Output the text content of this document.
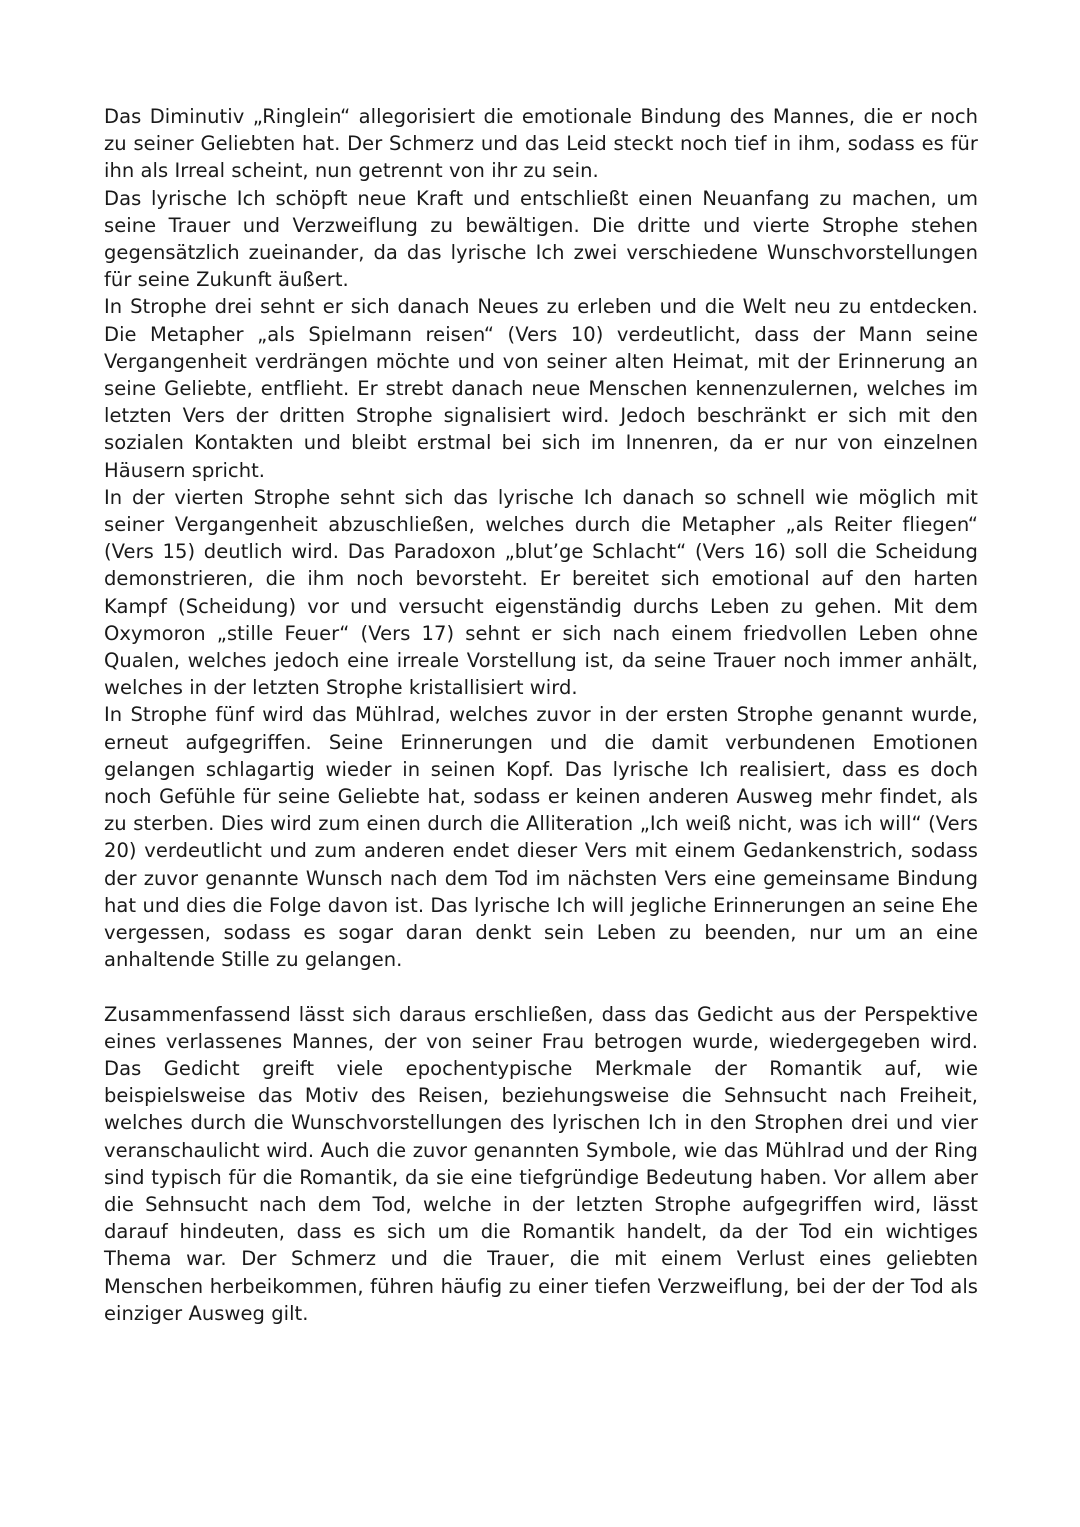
Das Diminutiv „Ringlein“ allegorisiert die emotionale Bindung des Mannes, die er noch zu seiner Geliebten hat. Der Schmerz und das Leid steckt noch tief in ihm, sodass es für ihn als Irreal scheint, nun getrennt von ihr zu sein.

Das lyrische Ich schöpft neue Kraft und entschließt einen Neuanfang zu machen, um seine Trauer und Verzweiflung zu bewältigen. Die dritte und vierte Strophe stehen gegensätzlich zueinander, da das lyrische Ich zwei verschiedene Wunschvorstellungen für seine Zukunft äußert.

In Strophe drei sehnt er sich danach Neues zu erleben und die Welt neu zu entdecken. Die Metapher „als Spielmann reisen“ (Vers 10) verdeutlicht, dass der Mann seine Vergangenheit verdrängen möchte und von seiner alten Heimat, mit der Erinnerung an seine Geliebte, entflieht. Er strebt danach neue Menschen kennenzulernen, welches im letzten Vers der dritten Strophe signalisiert wird. Jedoch beschränkt er sich mit den sozialen Kontakten und bleibt erstmal bei sich im Innenren, da er nur von einzelnen Häusern spricht.

In der vierten Strophe sehnt sich das lyrische Ich danach so schnell wie möglich mit seiner Vergangenheit abzuschließen, welches durch die Metapher „als Reiter fliegen“ (Vers 15) deutlich wird. Das Paradoxon „blut’ge Schlacht“ (Vers 16) soll die Scheidung demonstrieren, die ihm noch bevorsteht. Er bereitet sich emotional auf den harten Kampf (Scheidung) vor und versucht eigenständig durchs Leben zu gehen. Mit dem Oxymoron „stille Feuer“ (Vers 17) sehnt er sich nach einem friedvollen Leben ohne Qualen, welches jedoch eine irreale Vorstellung ist, da seine Trauer noch immer anhält, welches in der letzten Strophe kristallisiert wird.

In Strophe fünf wird das Mühlrad, welches zuvor in der ersten Strophe genannt wurde, erneut aufgegriffen. Seine Erinnerungen und die damit verbundenen Emotionen gelangen schlagartig wieder in seinen Kopf. Das lyrische Ich realisiert, dass es doch noch Gefühle für seine Geliebte hat, sodass er keinen anderen Ausweg mehr findet, als zu sterben. Dies wird zum einen durch die Alliteration „Ich weiß nicht, was ich will“ (Vers 20) verdeutlicht und zum anderen endet dieser Vers mit einem Gedankenstrich, sodass der zuvor genannte Wunsch nach dem Tod im nächsten Vers eine gemeinsame Bindung hat und dies die Folge davon ist. Das lyrische Ich will jegliche Erinnerungen an seine Ehe vergessen, sodass es sogar daran denkt sein Leben zu beenden, nur um an eine anhaltende Stille zu gelangen.

Zusammenfassend lässt sich daraus erschließen, dass das Gedicht aus der Perspektive eines verlassenes Mannes, der von seiner Frau betrogen wurde, wiedergegeben wird. Das Gedicht greift viele epochentypische Merkmale der Romantik auf, wie beispielsweise das Motiv des Reisen, beziehungsweise die Sehnsucht nach Freiheit, welches durch die Wunschvorstellungen des lyrischen Ich in den Strophen drei und vier veranschaulicht wird. Auch die zuvor genannten Symbole, wie das Mühlrad und der Ring sind typisch für die Romantik, da sie eine tiefgründige Bedeutung haben. Vor allem aber die Sehnsucht nach dem Tod, welche in der letzten Strophe aufgegriffen wird, lässt darauf hindeuten, dass es sich um die Romantik handelt, da der Tod ein wichtiges Thema war. Der Schmerz und die Trauer, die mit einem Verlust eines geliebten Menschen herbeikommen, führen häufig zu einer tiefen Verzweiflung, bei der der Tod als einziger Ausweg gilt.
